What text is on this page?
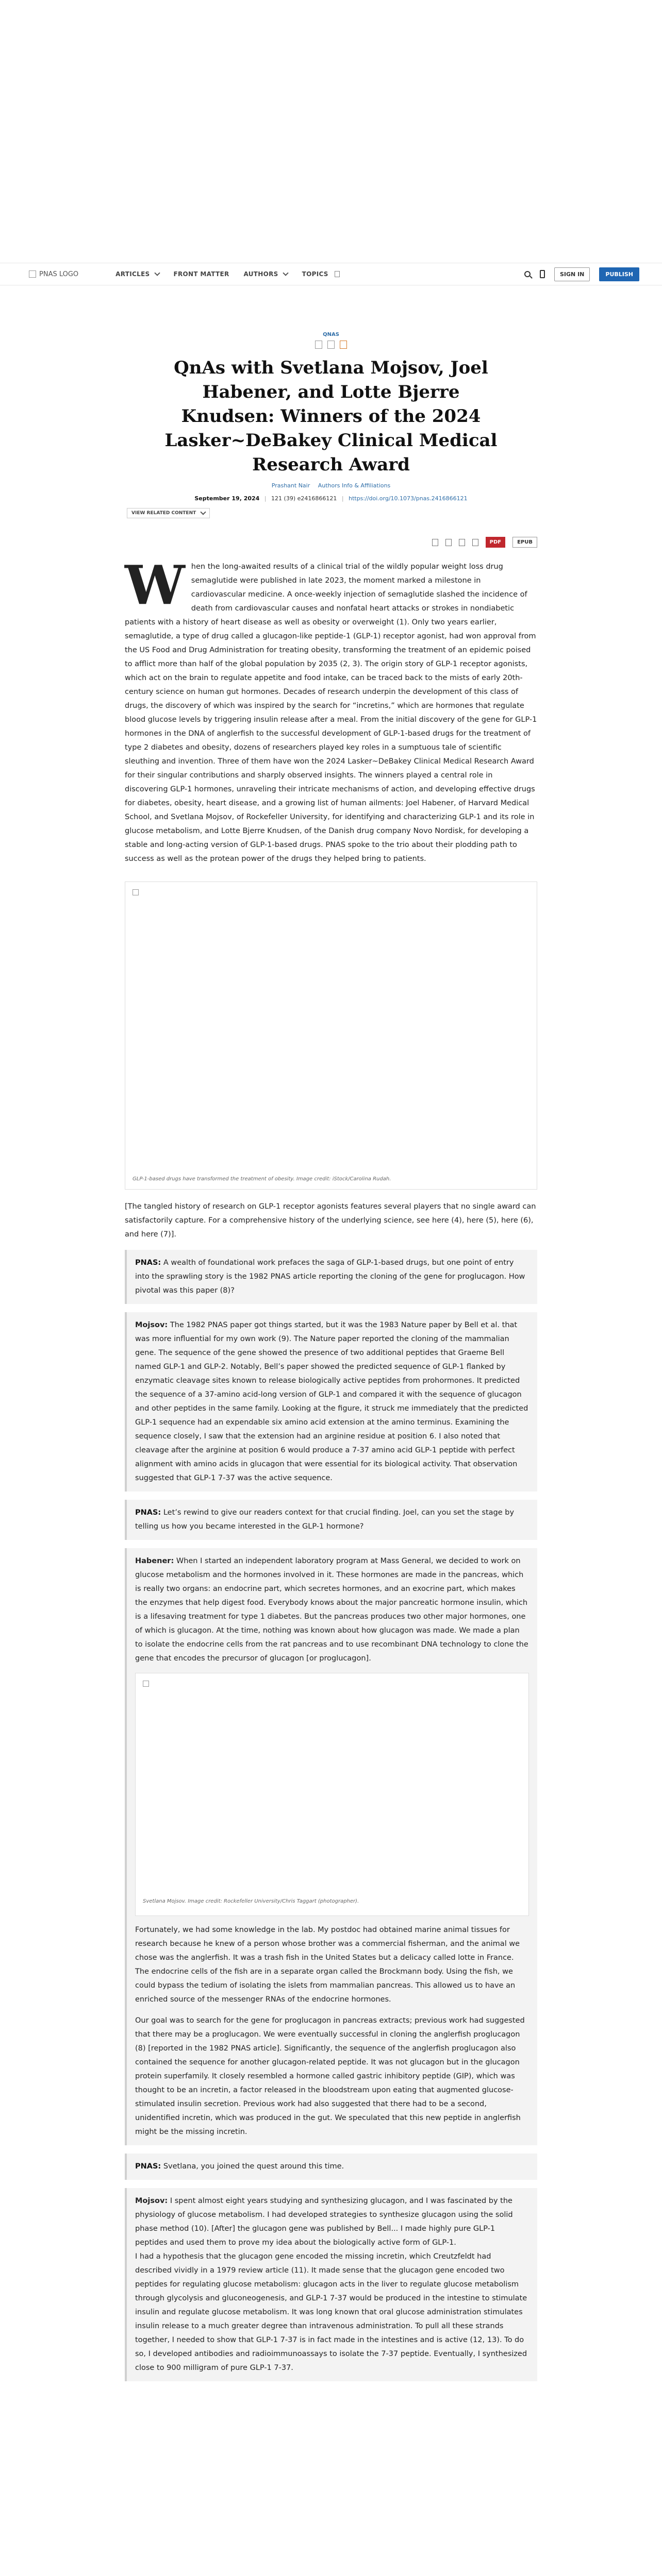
PNAS LOGO	ARTICLES	FRONT MATTER AUTHORS	TOPICS	SIGN IN	PUBLISH
QNAS
QnAs with Svetlana Mojsov, Joel Habener, and Lotte Bjerre Knudsen: Winners of the 2024 Lasker~DeBakey Clinical Medical Research Award
Prashant Nair Authors Info & Affiliations
September 19, 2024 | 121 (39) e2416866121 | https://doi.org/10.1073/pnas.2416866121
VIEW RELATED CONTENT
PDF	EPUB
W hen the long-awaited results of a clinical trial of the wildly popular weight loss drug semaglutide were published in late 2023, the moment marked a milestone in cardiovascular medicine. A once-weekly injection of semaglutide slashed the incidence of death from cardiovascular causes and nonfatal heart attacks or strokes in nondiabetic patients with a history of heart disease as well as obesity or overweight (1). Only two years earlier, semaglutide, a type of drug called a glucagon-like peptide-1 (GLP-1) receptor agonist, had won approval from the US Food and Drug Administration for treating obesity, transforming the treatment of an epidemic poised to afflict more than half of the global population by 2035 (2, 3). The origin story of GLP-1 receptor agonists, which act on the brain to regulate appetite and food intake, can be traced back to the mists of early 20th-century science on human gut hormones. Decades of research underpin the development of this class of drugs, the discovery of which was inspired by the search for “incretins,” which are hormones that regulate blood glucose levels by triggering insulin release after a meal. From the initial discovery of the gene for GLP-1 hormones in the DNA of anglerfish to the successful development of GLP-1-based drugs for the treatment of type 2 diabetes and obesity, dozens of researchers played key roles in a sumptuous tale of scientific sleuthing and invention. Three of them have won the 2024 Lasker~DeBakey Clinical Medical Research Award for their singular contributions and sharply observed insights. The winners played a central role in discovering GLP-1 hormones, unraveling their intricate mechanisms of action, and developing effective drugs for diabetes, obesity, heart disease, and a growing list of human ailments: Joel Habener, of Harvard Medical School, and Svetlana Mojsov, of Rockefeller University, for identifying and characterizing GLP-1 and its role in glucose metabolism, and Lotte Bjerre Knudsen, of the Danish drug company Novo Nordisk, for developing a stable and long-acting version of GLP-1-based drugs. PNAS spoke to the trio about their plodding path to success as well as the protean power of the drugs they helped bring to patients.
GLP-1-based drugs have transformed the treatment of obesity. Image credit: iStock/Carolina Rudah.

[The tangled history of research on GLP-1 receptor agonists features several players that no single award can satisfactorily capture. For a comprehensive history of the underlying science, see here (4), here (5), here (6), and here (7)].

PNAS: A wealth of foundational work prefaces the saga of GLP-1-based drugs, but one point of entry into the sprawling story is the 1982 PNAS article reporting the cloning of the gene for proglucagon. How pivotal was this paper (8)?
Mojsov: The 1982 PNAS paper got things started, but it was the 1983 Nature paper by Bell et al. that was more influential for my own work (9). The Nature paper reported the cloning of the mammalian gene. The sequence of the gene showed the presence of two additional peptides that Graeme Bell named GLP-1 and GLP-2. Notably, Bell’s paper showed the predicted sequence of GLP-1 flanked by enzymatic cleavage sites known to release biologically active peptides from prohormones. It predicted the sequence of a 37-amino acid-long version of GLP-1 and compared it with the sequence of glucagon and other peptides in the same family. Looking at the figure, it struck me immediately that the predicted GLP-1 sequence had an expendable six amino acid extension at the amino terminus. Examining the sequence closely, I saw that the extension had an arginine residue at position 6. I also noted that cleavage after the arginine at position 6 would produce a 7-37 amino acid GLP-1 peptide with perfect alignment with amino acids in glucagon that were essential for its biological activity. That observation suggested that GLP-1 7-37 was the active sequence.
PNAS: Let’s rewind to give our readers context for that crucial finding. Joel, can you set the stage by telling us how you became interested in the GLP-1 hormone?
Habener: When I started an independent laboratory program at Mass General, we decided to work on glucose metabolism and the hormones involved in it. These hormones are made in the pancreas, which is really two organs: an endocrine part, which secretes hormones, and an exocrine part, which makes the enzymes that help digest food. Everybody knows about the major pancreatic hormone insulin, which is a lifesaving treatment for type 1 diabetes. But the pancreas produces two other major hormones, one of which is glucagon. At the time, nothing was known about how glucagon was made. We made a plan to isolate the endocrine cells from the rat pancreas and to use recombinant DNA technology to clone the gene that encodes the precursor of glucagon [or proglucagon].
Svetlana Mojsov. Image credit: Rockefeller University/Chris Taggart (photographer).

Fortunately, we had some knowledge in the lab. My postdoc had obtained marine animal tissues for research because he knew of a person whose brother was a commercial fisherman, and the animal we chose was the anglerfish. It was a trash fish in the United States but a delicacy called lotte in France. The endocrine cells of the fish are in a separate organ called the Brockmann body. Using the fish, we could bypass the tedium of isolating the islets from mammalian pancreas. This allowed us to have an enriched source of the messenger RNAs of the endocrine hormones.

Our goal was to search for the gene for proglucagon in pancreas extracts; previous work had suggested that there may be a proglucagon. We were eventually successful in cloning the anglerfish proglucagon (8) [reported in the 1982 PNAS article]. Significantly, the sequence of the anglerfish proglucagon also contained the sequence for another glucagon-related peptide. It was not glucagon but in the glucagon protein superfamily. It closely resembled a hormone called gastric inhibitory peptide (GIP), which was thought to be an incretin, a factor released in the bloodstream upon eating that augmented glucose-stimulated insulin secretion. Previous work had also suggested that there had to be a second, unidentified incretin, which was produced in the gut. We speculated that this new peptide in anglerfish might be the missing incretin.

PNAS: Svetlana, you joined the quest around this time.
Mojsov: I spent almost eight years studying and synthesizing glucagon, and I was fascinated by the physiology of glucose metabolism. I had developed strategies to synthesize glucagon using the solid phase method (10). [After] the glucagon gene was published by Bell... I made highly pure GLP-1 peptides and used them to prove my idea about the biologically active form of GLP-1.

I had a hypothesis that the glucagon gene encoded the missing incretin, which Creutzfeldt had described vividly in a 1979 review article (11). It made sense that the glucagon gene encoded two peptides for regulating glucose metabolism: glucagon acts in the liver to regulate glucose metabolism through glycolysis and gluconeogenesis, and GLP-1 7-37 would be produced in the intestine to stimulate insulin and regulate glucose metabolism. It was long known that oral glucose administration stimulates insulin release to a much greater degree than intravenous administration. To pull all these strands together, I needed to show that GLP-1 7-37 is in fact made in the intestines and is active (12, 13). To do so, I developed antibodies and radioimmunoassays to isolate the 7-37 peptide. Eventually, I synthesized close to 900 milligram of pure GLP-1 7-37.
